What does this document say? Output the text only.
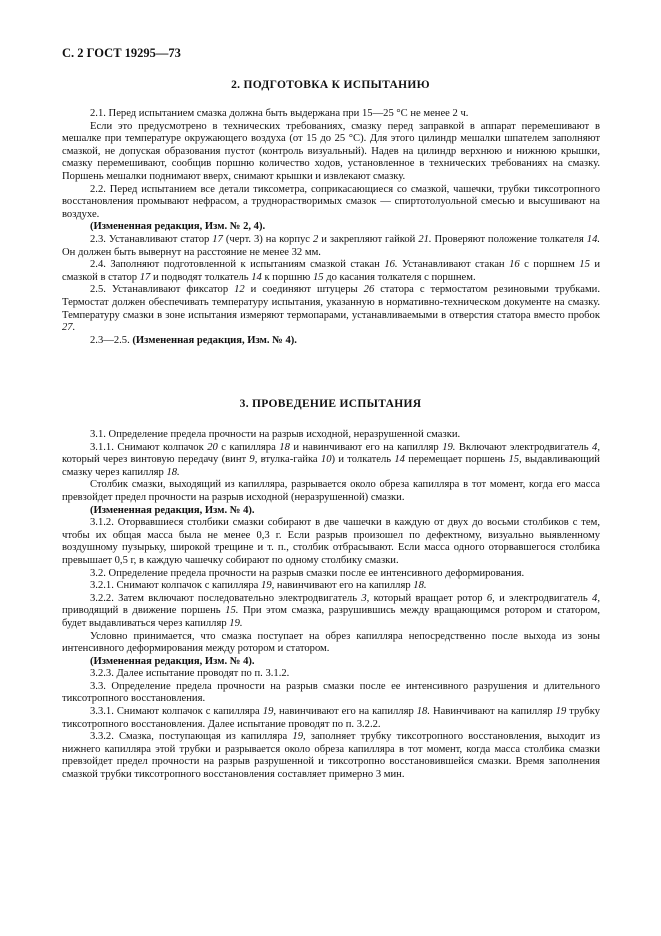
С. 2 ГОСТ 19295—73
2. ПОДГОТОВКА К ИСПЫТАНИЮ

2.1. Перед испытанием смазка должна быть выдержана при 15—25 °С не менее 2 ч.

Если это предусмотрено в технических требованиях, смазку перед заправкой в аппарат перемешивают в мешалке при температуре окружающего воздуха (от 15 до 25 °С). Для этого цилиндр мешалки шпателем заполняют смазкой, не допуская образования пустот (контроль визуальный). Надев на цилиндр верхнюю и нижнюю крышки, смазку перемешивают, сообщив поршню количество ходов, установленное в технических требованиях на смазку. Поршень мешалки поднимают вверх, снимают крышки и извлекают смазку.

2.2. Перед испытанием все детали тиксометра, соприкасающиеся со смазкой, чашечки, трубки тиксотропного восстановления промывают нефрасом, а труднорастворимых смазок — спиртотолуольной смесью и высушивают на воздухе.

(Измененная редакция, Изм. № 2, 4).

2.3. Устанавливают статор 17 (черт. 3) на корпус 2 и закрепляют гайкой 21. Проверяют положение толкателя 14. Он должен быть вывернут на расстояние не менее 32 мм.

2.4. Заполняют подготовленной к испытаниям смазкой стакан 16. Устанавливают стакан 16 с поршнем 15 и смазкой в статор 17 и подводят толкатель 14 к поршню 15 до касания толкателя с поршнем.

2.5. Устанавливают фиксатор 12 и соединяют штуцеры 26 статора с термостатом резиновыми трубками. Термостат должен обеспечивать температуру испытания, указанную в нормативно-техническом документе на смазку. Температуру смазки в зоне испытания измеряют термопарами, устанавливаемыми в отверстия статора вместо пробок 27.

2.3—2.5. (Измененная редакция, Изм. № 4).

3. ПРОВЕДЕНИЕ ИСПЫТАНИЯ

3.1. Определение предела прочности на разрыв исходной, неразрушенной смазки.

3.1.1. Снимают колпачок 20 с капилляра 18 и навинчивают его на капилляр 19. Включают электродвигатель 4, который через винтовую передачу (винт 9, втулка-гайка 10) и толкатель 14 перемещает поршень 15, выдавливающий смазку через капилляр 18.

Столбик смазки, выходящий из капилляра, разрывается около обреза капилляра в тот момент, когда его масса превзойдет предел прочности на разрыв исходной (неразрушенной) смазки.

(Измененная редакция, Изм. № 4).

3.1.2. Оторвавшиеся столбики смазки собирают в две чашечки в каждую от двух до восьми столбиков с тем, чтобы их общая масса была не менее 0,3 г. Если разрыв произошел по дефектному, визуально выявленному воздушному пузырьку, широкой трещине и т. п., столбик отбрасывают. Если масса одного оторвавшегося столбика превышает 0,5 г, в каждую чашечку собирают по одному столбику смазки.

3.2. Определение предела прочности на разрыв смазки после ее интенсивного деформирования.

3.2.1. Снимают колпачок с капилляра 19, навинчивают его на капилляр 18.

3.2.2. Затем включают последовательно электродвигатель 3, который вращает ротор 6, и электродвигатель 4, приводящий в движение поршень 15. При этом смазка, разрушившись между вращающимся ротором и статором, будет выдавливаться через капилляр 19.

Условно принимается, что смазка поступает на обрез капилляра непосредственно после выхода из зоны интенсивного деформирования между ротором и статором.

(Измененная редакция, Изм. № 4).

3.2.3. Далее испытание проводят по п. 3.1.2.

3.3. Определение предела прочности на разрыв смазки после ее интенсивного разрушения и длительного тиксотропного восстановления.

3.3.1. Снимают колпачок с капилляра 19, навинчивают его на капилляр 18. Навинчивают на капилляр 19 трубку тиксотропного восстановления. Далее испытание проводят по п. 3.2.2.

3.3.2. Смазка, поступающая из капилляра 19, заполняет трубку тиксотропного восстановления, выходит из нижнего капилляра этой трубки и разрывается около обреза капилляра в тот момент, когда масса столбика смазки превзойдет предел прочности на разрыв разрушенной и тиксотропно восстановившейся смазки. Время заполнения смазкой трубки тиксотропного восстановления составляет примерно 3 мин.
